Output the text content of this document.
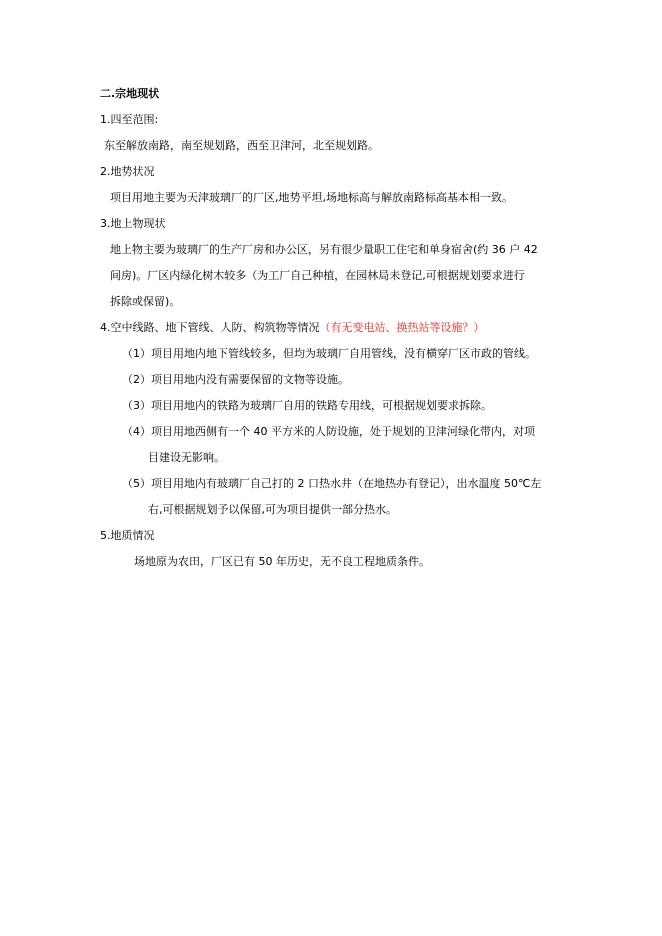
二.宗地现状
1.四至范围:
东至解放南路，南至规划路，西至卫津河，北至规划路。
2.地势状况
项目用地主要为天津玻璃厂的厂区,地势平坦,场地标高与解放南路标高基本相一致。
3.地上物现状
地上物主要为玻璃厂的生产厂房和办公区，另有很少量职工住宅和单身宿舍(约 36 户 42
间房)。厂区内绿化树木较多（为工厂自己种植，在园林局未登记,可根据规划要求进行
拆除或保留)。
4.空中线路、地下管线、人防、构筑物等情况（有无变电站、换热站等设施？）
（1）项目用地内地下管线较多，但均为玻璃厂自用管线，没有横穿厂区市政的管线。
（2）项目用地内没有需要保留的文物等设施。
（3）项目用地内的铁路为玻璃厂自用的铁路专用线，可根据规划要求拆除。
（4）项目用地西侧有一个 40 平方米的人防设施，处于规划的卫津河绿化带内，对项
目建设无影响。
（5）项目用地内有玻璃厂自己打的 2 口热水井（在地热办有登记），出水温度 50℃左
右,可根据规划予以保留,可为项目提供一部分热水。
5.地质情况
场地原为农田，厂区已有 50 年历史，无不良工程地质条件。
